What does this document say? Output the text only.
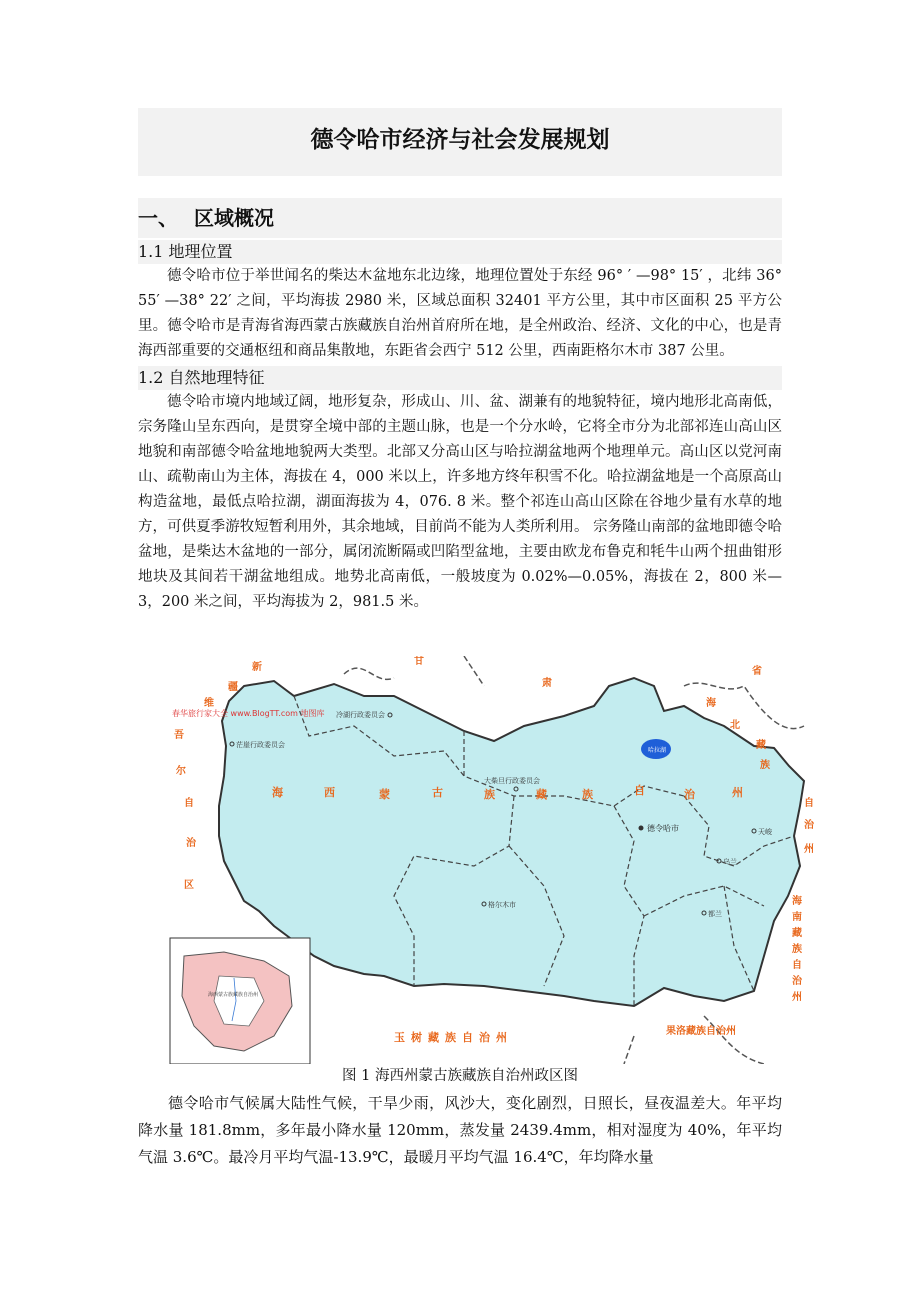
德令哈市经济与社会发展规划
一、 区域概况
1.1 地理位置

德令哈市位于举世闻名的柴达木盆地东北边缘，地理位置处于东经 96° ′ —98° 15′ ，北纬 36° 55′ —38° 22′ 之间，平均海拔 2980 米，区域总面积 32401 平方公里，其中市区面积 25 平方公里。德令哈市是青海省海西蒙古族藏族自治州首府所在地，是全州政治、经济、文化的中心，也是青海西部重要的交通枢纽和商品集散地，东距省会西宁 512 公里，西南距格尔木市 387 公里。

1.2 自然地理特征

德令哈市境内地域辽阔，地形复杂，形成山、川、盆、湖兼有的地貌特征，境内地形北高南低，宗务隆山呈东西向，是贯穿全境中部的主题山脉，也是一个分水岭，它将全市分为北部祁连山高山区地貌和南部德令哈盆地地貌两大类型。北部又分高山区与哈拉湖盆地两个地理单元。高山区以党河南山、疏勒南山为主体，海拔在 4，000 米以上，许多地方终年积雪不化。哈拉湖盆地是一个高原高山构造盆地，最低点哈拉湖，湖面海拔为 4，076. 8 米。整个祁连山高山区除在谷地少量有水草的地方，可供夏季游牧短暂利用外，其余地域，目前尚不能为人类所利用。 宗务隆山南部的盆地即德令哈盆地，是柴达木盆地的一部分，属闭流断隔或凹陷型盆地，主要由欧龙布鲁克和牦牛山两个扭曲钳形地块及其间若干湖盆地组成。地势北高南低，一般坡度为 0.02%—0.05%，海拔在 2，800 米—3，200 米之间，平均海拔为 2，981.5 米。

哈拉湖
海	西	蒙	古	族	藏	族	自	治	州
新
疆
维
吾
尔
自
治
区
甘
肃
省
海
北
藏
族
自
治
州
海
南
藏
族
自
治
州
玉树藏族自治州	果洛藏族自治州
春华旅行家大全 www.BlogTT.com 地图库
茫崖行政委员会
冷湖行政委员会
大柴旦行政委员会
德令哈市	天峻
乌兰
都兰
格尔木市
海西蒙古族藏族自治州
图 1 海西州蒙古族藏族自治州政区图

德令哈市气候属大陆性气候，干旱少雨，风沙大，变化剧烈，日照长，昼夜温差大。年平均降水量 181.8mm，多年最小降水量 120mm，蒸发量 2439.4mm，相对湿度为 40%，年平均气温 3.6℃。最冷月平均气温-13.9℃，最暖月平均气温 16.4℃，年均降水量
